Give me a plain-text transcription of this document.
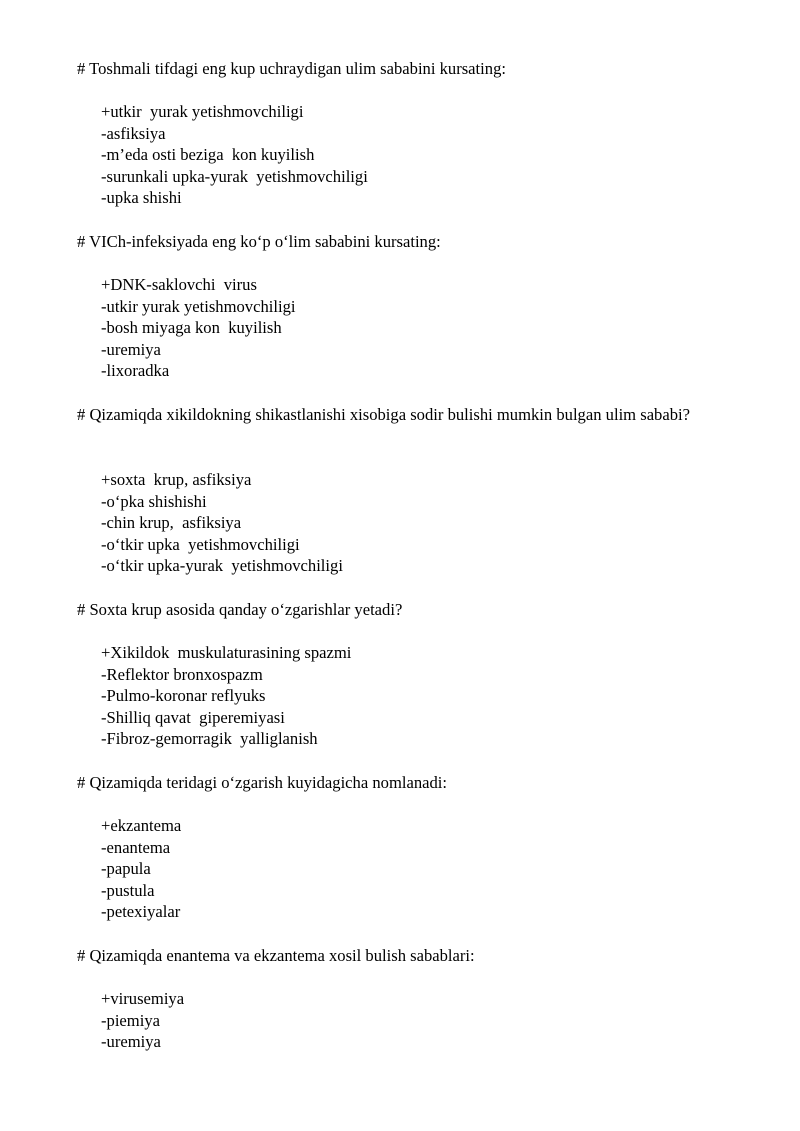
# Toshmali tifdagi eng kup uchraydigan ulim sababini kursating:

+utkir  yurak yetishmovchiligi

-asfiksiya

-m’eda osti beziga  kon kuyilish

-surunkali upka-yurak  yetishmovchiligi

-upka shishi

# VICh-infeksiyada eng ko‘p o‘lim sababini kursating:

+DNK-saklovchi  virus

-utkir yurak yetishmovchiligi

-bosh miyaga kon  kuyilish

-uremiya

-lixoradka

# Qizamiqda xikildokning shikastlanishi xisobiga sodir bulishi mumkin bulgan ulim sababi?

+soxta  krup, asfiksiya

-o‘pka shishishi

-chin krup,  asfiksiya

-o‘tkir upka  yetishmovchiligi

-o‘tkir upka-yurak  yetishmovchiligi

# Soxta krup asosida qanday o‘zgarishlar yetadi?

+Xikildok  muskulaturasining spazmi

-Reflektor bronxospazm

-Pulmo-koronar reflyuks

-Shilliq qavat  giperemiyasi

-Fibroz-gemorragik  yalliglanish

# Qizamiqda teridagi o‘zgarish kuyidagicha nomlanadi:

+ekzantema

-enantema

-papula

-pustula

-petexiyalar

# Qizamiqda enantema va ekzantema xosil bulish sabablari:

+virusemiya

-piemiya

-uremiya
